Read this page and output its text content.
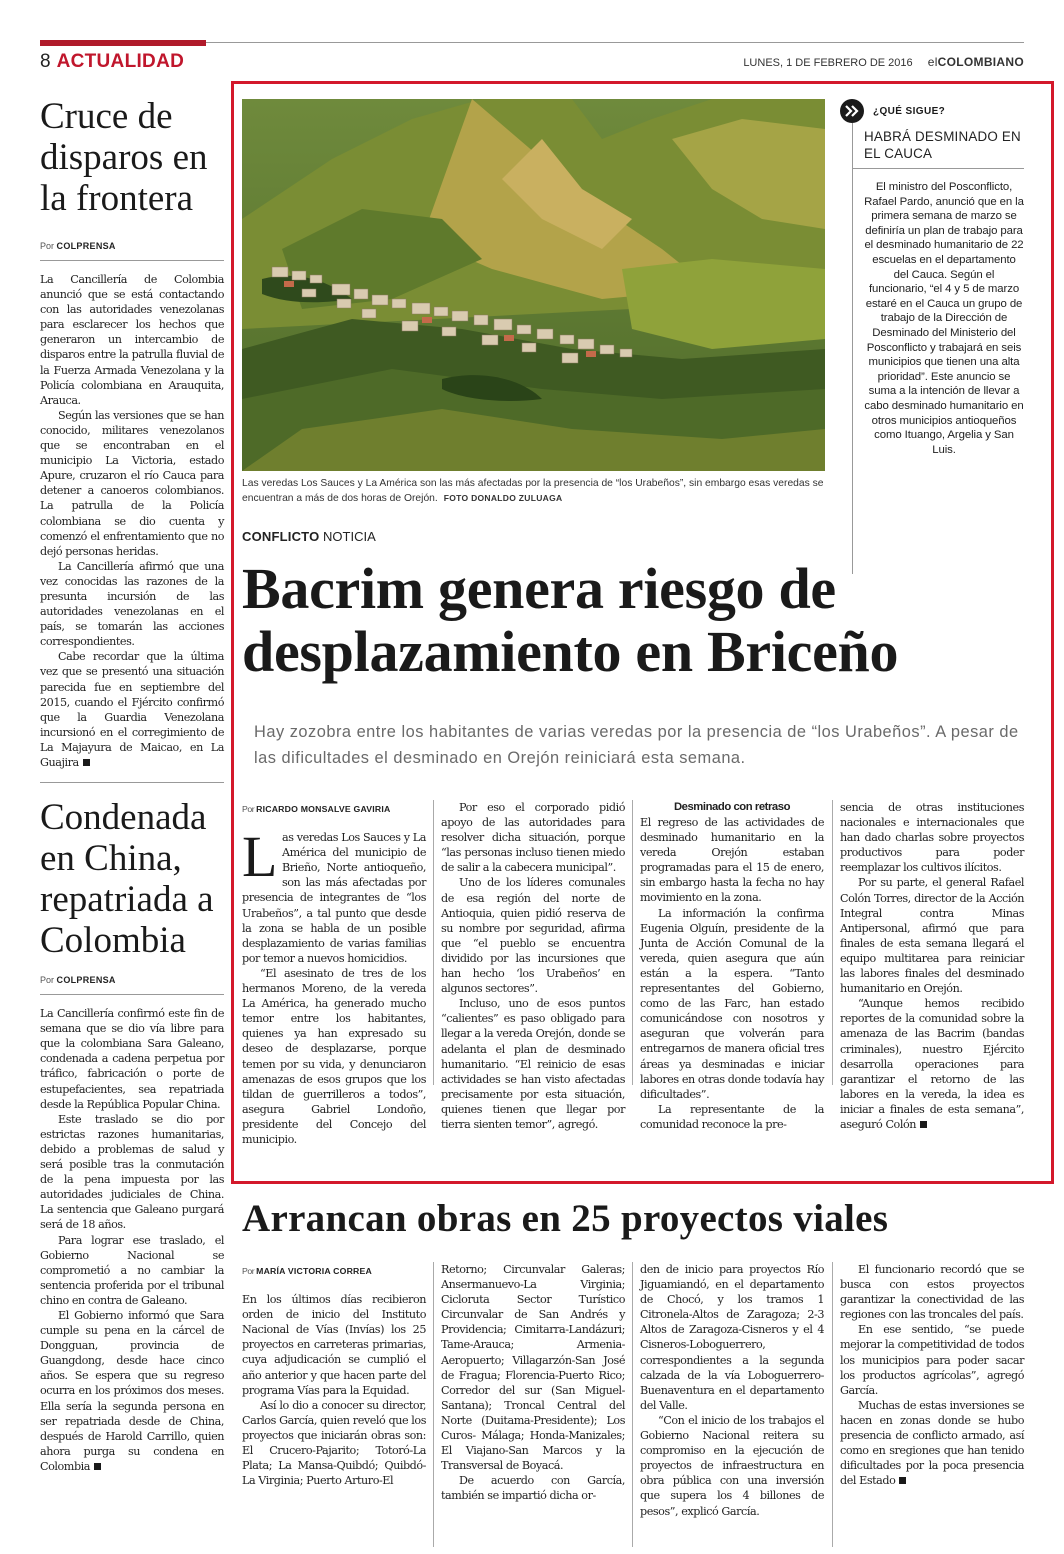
8 ACTUALIDAD	LUNES, 1 DE FEBRERO DE 2016 elCOLOMBIANO
Cruce de disparos en la frontera
Por COLPRENSA

La Cancillería de Colombia anunció que se está contactando con las autoridades venezolanas para esclarecer los hechos que generaron un intercambio de disparos entre la patrulla fluvial de la Fuerza Armada Venezolana y la Policía colombiana en Arauquita, Arauca.

Según las versiones que se han conocido, militares venezolanos que se encontraban en el municipio La Victoria, estado Apure, cruzaron el río Cauca para detener a canoeros colombianos. La patrulla de la Policía colombiana se dio cuenta y comenzó el enfrentamiento que no dejó personas heridas.

La Cancillería afirmó que una vez conocidas las razones de la presunta incursión de las autoridades venezolanas en el país, se tomarán las acciones correspondientes.

Cabe recordar que la última vez que se presentó una situación parecida fue en septiembre del 2015, cuando el Fjército confirmó que la Guardia Venezolana incursionó en el corregimiento de La Majayura de Maicao, en La Guajira

Condenada en China, repatriada a Colombia
Por COLPRENSA

La Cancillería confirmó este fin de semana que se dio vía libre para que la colombiana Sara Galeano, condenada a cadena perpetua por tráfico, fabricación o porte de estupefacientes, sea repatriada desde la República Popular China.

Este traslado se dio por estrictas razones humanitarias, debido a problemas de salud y será posible tras la conmutación de la pena impuesta por las autoridades judiciales de China. La sentencia que Galeano purgará será de 18 años.

Para lograr ese traslado, el Gobierno Nacional se comprometió a no cambiar la sentencia proferida por el tribunal chino en contra de Galeano.

El Gobierno informó que Sara cumple su pena en la cárcel de Dongguan, provincia de Guangdong, desde hace cinco años. Se espera que su regreso ocurra en los próximos dos meses. Ella sería la segunda persona en ser repatriada desde de China, después de Harold Carrillo, quien ahora purga su condena en Colombia

Las veredas Los Sauces y La América son las más afectadas por la presencia de “los Urabeños”, sin embargo esas veredas se encuentran a más de dos horas de Orejón. FOTO DONALDO ZULUAGA
¿QUÉ SIGUE?
HABRÁ DESMINADO EN EL CAUCA
El ministro del Posconflicto, Rafael Pardo, anunció que en la primera semana de marzo se definiría un plan de trabajo para el desminado humanitario de 22 escuelas en el departamento del Cauca. Según el funcionario, “el 4 y 5 de marzo estaré en el Cauca un grupo de trabajo de la Dirección de Desminado del Ministerio del Posconflicto y trabajará en seis municipios que tienen una alta prioridad”. Este anuncio se suma a la intención de llevar a cabo desminado humanitario en otros municipios antioqueños como Ituango, Argelia y San Luis.
CONFLICTO NOTICIA
Bacrim genera riesgo de desplazamiento en Briceño
Hay zozobra entre los habitantes de varias veredas por la presencia de “los Urabeños”. A pesar de las dificultades el desminado en Orejón reiniciará esta semana.
Por RICARDO MONSALVE GAVIRIA

Las veredas Los Sauces y La América del municipio de Brieño, Norte antioqueño, son las más afectadas por presencia de integrantes de “los Urabeños”, a tal punto que desde la zona se habla de un posible desplazamiento de varias familias por temor a nuevos homicidios.

“El asesinato de tres de los hermanos Moreno, de la vereda La América, ha generado mucho temor entre los habitantes, quienes ya han expresado su deseo de desplazarse, porque temen por su vida, y denunciaron amenazas de esos grupos que los tildan de guerrilleros a todos”, asegura Gabriel Londoño, presidente del Concejo del municipio.

Por eso el corporado pidió apoyo de las autoridades para resolver dicha situación, porque “las personas incluso tienen miedo de salir a la cabecera municipal”.

Uno de los líderes comunales de esa región del norte de Antioquia, quien pidió reserva de su nombre por seguridad, afirma que “el pueblo se encuentra dividido por las incursiones que han hecho ‘los Urabeños’ en algunos sectores”.

Incluso, uno de esos puntos “calientes” es paso obligado para llegar a la vereda Orejón, donde se adelanta el plan de desminado humanitario. “El reinicio de esas actividades se han visto afectadas precisamente por esta situación, quienes tienen que llegar por tierra sienten temor”, agregó.

Desminado con retraso

El regreso de las actividades de desminado humanitario en la vereda Orejón estaban programadas para el 15 de enero, sin embargo hasta la fecha no hay movimiento en la zona.

La información la confirma Eugenia Olguín, presidente de la Junta de Acción Comunal de la vereda, quien asegura que aún están a la espera. “Tanto representantes del Gobierno, como de las Farc, han estado comunicándose con nosotros y aseguran que volverán para entregarnos de manera oficial tres áreas ya desminadas e iniciar labores en otras donde todavía hay dificultades”.

La representante de la comunidad reconoce la pre-

sencia de otras instituciones nacionales e internacionales que han dado charlas sobre proyectos productivos para poder reemplazar los cultivos ilícitos.

Por su parte, el general Rafael Colón Torres, director de la Acción Integral contra Minas Antipersonal, afirmó que para finales de esta semana llegará el equipo multitarea para reiniciar las labores finales del desminado humanitario en Orejón.

“Aunque hemos recibido reportes de la comunidad sobre la amenaza de las Bacrim (bandas criminales), nuestro Ejército desarrolla operaciones para garantizar el retorno de las labores en la vereda, la idea es iniciar a finales de esta semana”, aseguró Colón

Arrancan obras en 25 proyectos viales
Por MARÍA VICTORIA CORREA

En los últimos días recibieron orden de inicio del Instituto Nacional de Vías (Invías) los 25 proyectos en carreteras primarias, cuya adjudicación se cumplió el año anterior y que hacen parte del programa Vías para la Equidad.

Así lo dio a conocer su director, Carlos García, quien reveló que los proyectos que iniciarán obras son: El Crucero-Pajarito; Totoró-La Plata; La Mansa-Quibdó; Quibdó-La Virginia; Puerto Arturo-El

Retorno; Circunvalar Galeras; Ansermanuevo-La Virginia; Cicloruta Sector Turístico Circunvalar de San Andrés y Providencia; Cimitarra-Landázuri; Tame-Arauca; Armenia-Aeropuerto; Villagarzón-San José de Fragua; Florencia-Puerto Rico; Corredor del sur (San Miguel-Santana); Troncal Central del Norte (Duitama-Presidente); Los Curos- Málaga; Honda-Manizales; El Viajano-San Marcos y la Transversal de Boyacá.

De acuerdo con García, también se impartió dicha or-

den de inicio para proyectos Río Jiguamiandó, en el departamento de Chocó, y los tramos 1 Citronela-Altos de Zaragoza; 2-3 Altos de Zaragoza-Cisneros y el 4 Cisneros-Loboguerrero, correspondientes a la segunda calzada de la vía Loboguerrero-Buenaventura en el departamento del Valle.

“Con el inicio de los trabajos el Gobierno Nacional reitera su compromiso en la ejecución de proyectos de infraestructura en obra pública con una inversión que supera los 4 billones de pesos”, explicó García.

El funcionario recordó que se busca con estos proyectos garantizar la conectividad de las regiones con las troncales del país.

En ese sentido, “se puede mejorar la competitividad de todos los municipios para poder sacar los productos agrícolas”, agregó García.

Muchas de estas inversiones se hacen en zonas donde se hubo presencia de conflicto armado, así como en sregiones que han tenido dificultades por la poca presencia del Estado
